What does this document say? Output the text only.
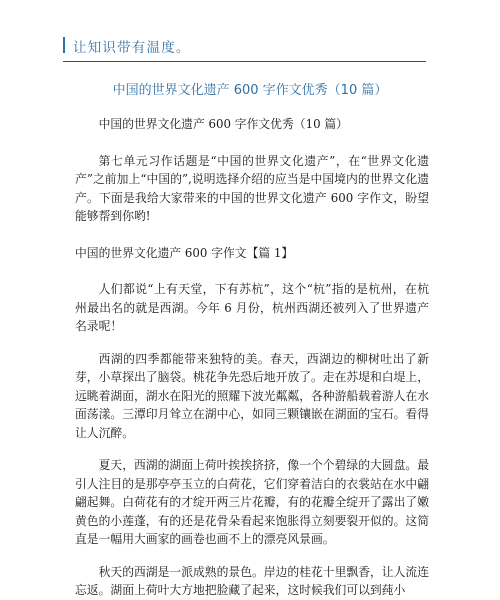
让知识带有温度。
中国的世界文化遗产 600 字作文优秀（10 篇）

中国的世界文化遗产 600 字作文优秀（10 篇）

第七单元习作话题是“中国的世界文化遗产”，在“世界文化遗产”之前加上“中国的”,说明选择介绍的应当是中国境内的世界文化遗产。下面是我给大家带来的中国的世界文化遗产 600 字作文，盼望能够帮到你哟!

中国的世界文化遗产 600 字作文【篇 1】

人们都说“上有天堂，下有苏杭”，这个“杭”指的是杭州，在杭州最出名的就是西湖。今年 6 月份，杭州西湖还被列入了世界遗产名录呢！

西湖的四季都能带来独特的美。春天，西湖边的柳树吐出了新芽，小草探出了脑袋。桃花争先恐后地开放了。走在苏堤和白堤上，远眺着湖面，湖水在阳光的照耀下波光粼粼，各种游船载着游人在水面荡漾。三潭印月耸立在湖中心，如同三颗镶嵌在湖面的宝石。看得让人沉醉。

夏天，西湖的湖面上荷叶挨挨挤挤，像一个个碧绿的大圆盘。最引人注目的是那亭亭玉立的白荷花，它们穿着洁白的衣裳站在水中翩翩起舞。白荷花有的才绽开两三片花瓣，有的花瓣全绽开了露出了嫩黄色的小莲蓬，有的还是花骨朵看起来饱胀得立刻要裂开似的。这简直是一幅用大画家的画卷也画不上的漂亮风景画。

秋天的西湖是一派成熟的景色。岸边的桂花十里飘香，让人流连忘返。湖面上荷叶大方地把脸藏了起来，这时候我们可以到莼小
